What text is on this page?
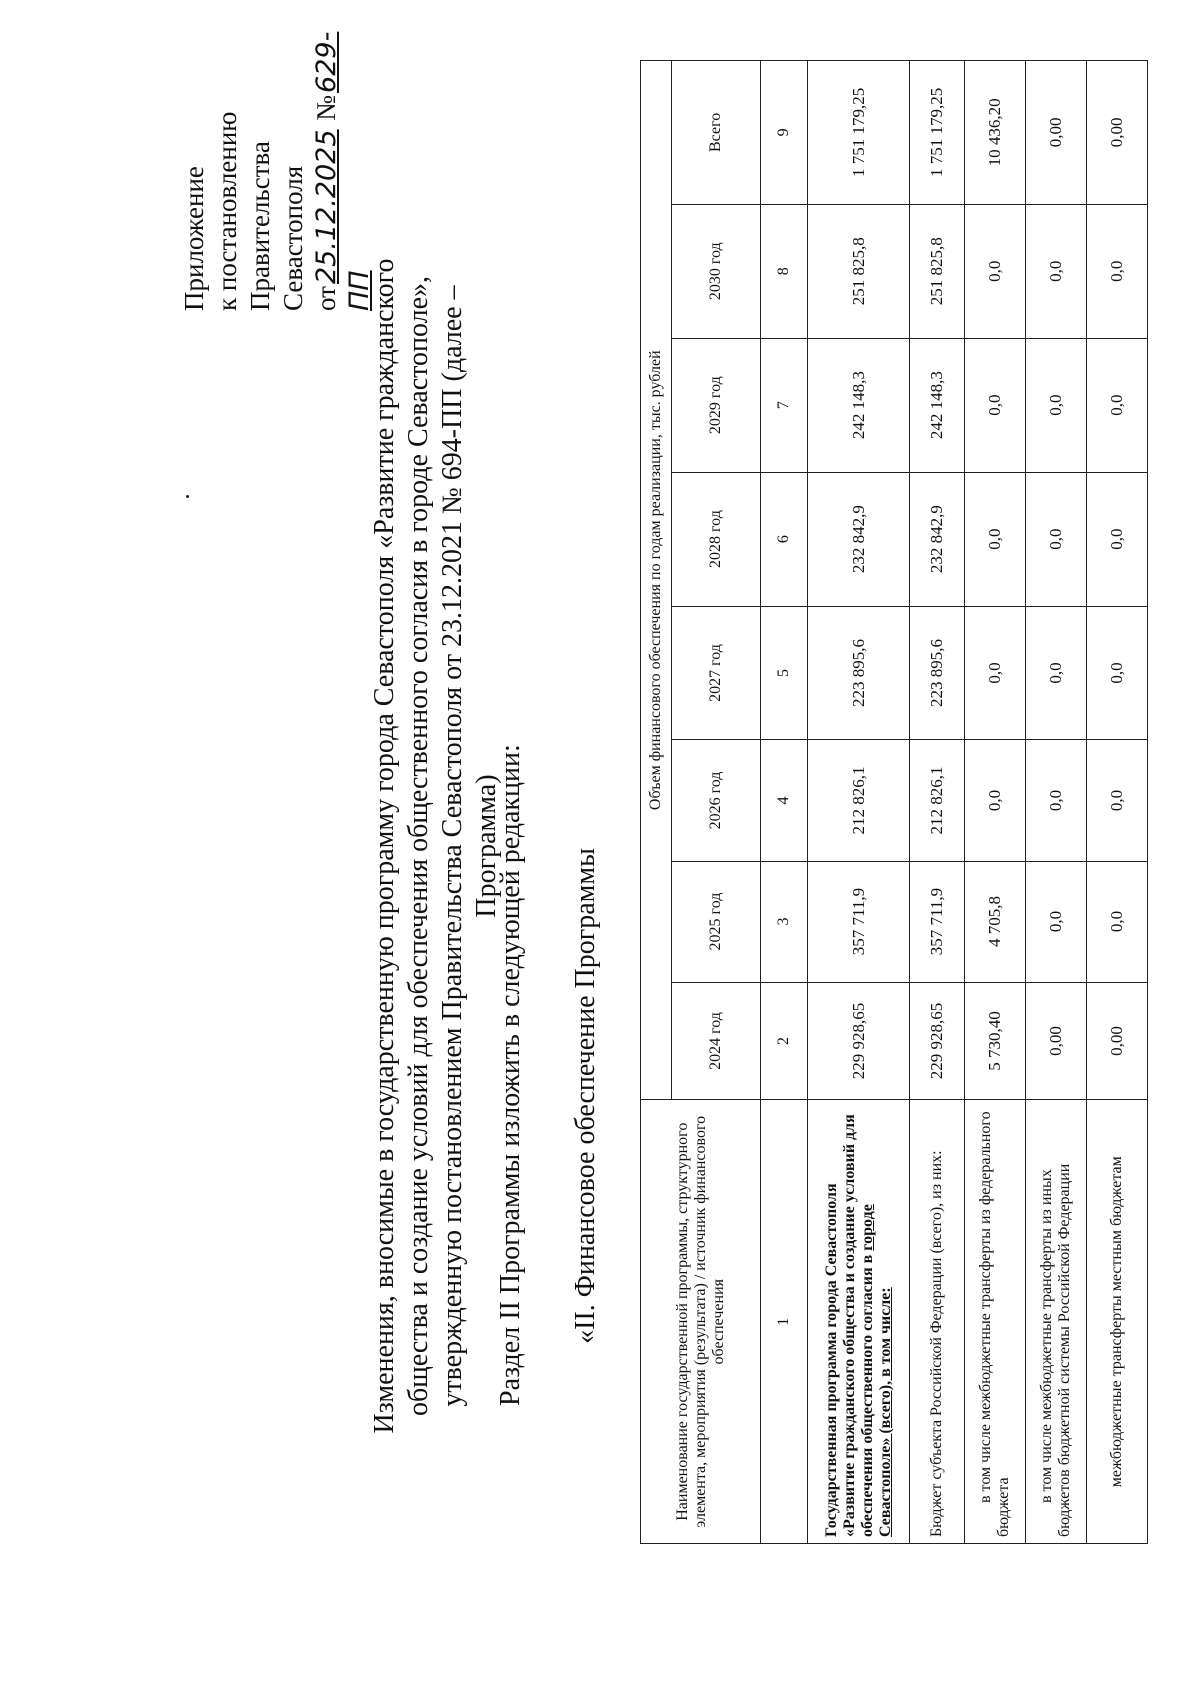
Приложение к постановлению Правительства Севастополя от25.12.2025 №629-ПП
Изменения, вносимые в государственную программу города Севастополя «Развитие гражданского общества и создание условий для обеспечения общественного согласия в городе Севастополе», утвержденную постановлением Правительства Севастополя от 23.12.2021 № 694-ПП (далее – Программа)
Раздел II Программы изложить в следующей редакции: «II. Финансовое обеспечение Программы	Наименование государственной программы, структурного элемента, мероприятия (результата) / источник финансового обеспечения	Объем финансового обеспечения по годам реализации, тыс. рублей							
	2024 год	2025 год	2026 год	2027 год	2028 год	2029 год	2030 год	Всего
1	2	3	4	5	6	7	8	9
Государственная программа города Севастополя «Развитие гражданского общества и создание условий для обеспечения общественного согласия в городе Севастополе» (всего), в том числе:	229 928,65	357 711,9	212 826,1	223 895,6	232 842,9	242 148,3	251 825,8	1 751 179,25
Бюджет субъекта Российской Федерации (всего), из них:	229 928,65	357 711,9	212 826,1	223 895,6	232 842,9	242 148,3	251 825,8	1 751 179,25
в том числе межбюджетные трансферты из федерального бюджета	5 730,40	4 705,8	0,0	0,0	0,0	0,0	0,0	10 436,20
в том числе межбюджетные трансферты из иных бюджетов бюджетной системы Российской Федерации	0,00	0,0	0,0	0,0	0,0	0,0	0,0	0,00
межбюджетные трансферты местным бюджетам	0,00	0,0	0,0	0,0	0,0	0,0	0,0	0,00
